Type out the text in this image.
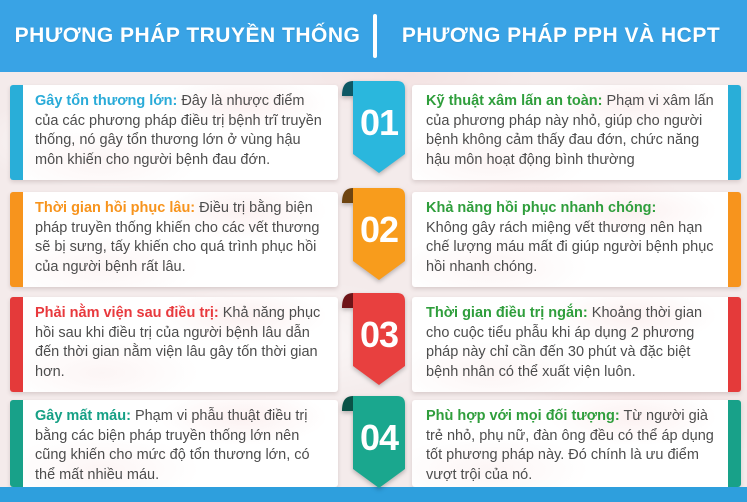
PHƯƠNG PHÁP TRUYỀN THỐNG PHƯƠNG PHÁP PPH VÀ HCPT
Gây tổn thương lớn: Đây là nhược điểm của các phương pháp điều trị bệnh trĩ truyền thống, nó gây tổn thương lớn ở vùng hậu môn khiến cho người bệnh đau đớn.
01
Kỹ thuật xâm lấn an toàn: Phạm vi xâm lấn của phương pháp này nhỏ, giúp cho người bệnh không cảm thấy đau đớn, chức năng hậu môn hoạt động bình thường
Thời gian hồi phục lâu: Điều trị bằng biện pháp truyền thống khiến cho các vết thương sẽ bị sưng, tấy khiến cho quá trình phục hồi của người bệnh rất lâu.
02
Khả năng hồi phục nhanh chóng:
Không gây rách miệng vết thương nên hạn chế lượng máu mất đi giúp người bệnh phục hồi nhanh chóng.
Phải nằm viện sau điều trị: Khả năng phục hồi sau khi điều trị của người bệnh lâu dẫn đến thời gian nằm viện lâu gây tốn thời gian hơn.
03
Thời gian điều trị ngắn: Khoảng thời gian cho cuộc tiểu phẫu khi áp dụng 2 phương pháp này chỉ cần đến 30 phút và đặc biệt bệnh nhân có thể xuất viện luôn.
Gây mất máu: Phạm vi phẫu thuật điều trị bằng các biện pháp truyền thống lớn nên cũng khiến cho mức độ tổn thương lớn, có thể mất nhiều máu.
04
Phù hợp với mọi đối tượng: Từ người già trẻ nhỏ, phụ nữ, đàn ông đều có thể áp dụng tốt phương pháp này. Đó chính là ưu điểm vượt trội của nó.
